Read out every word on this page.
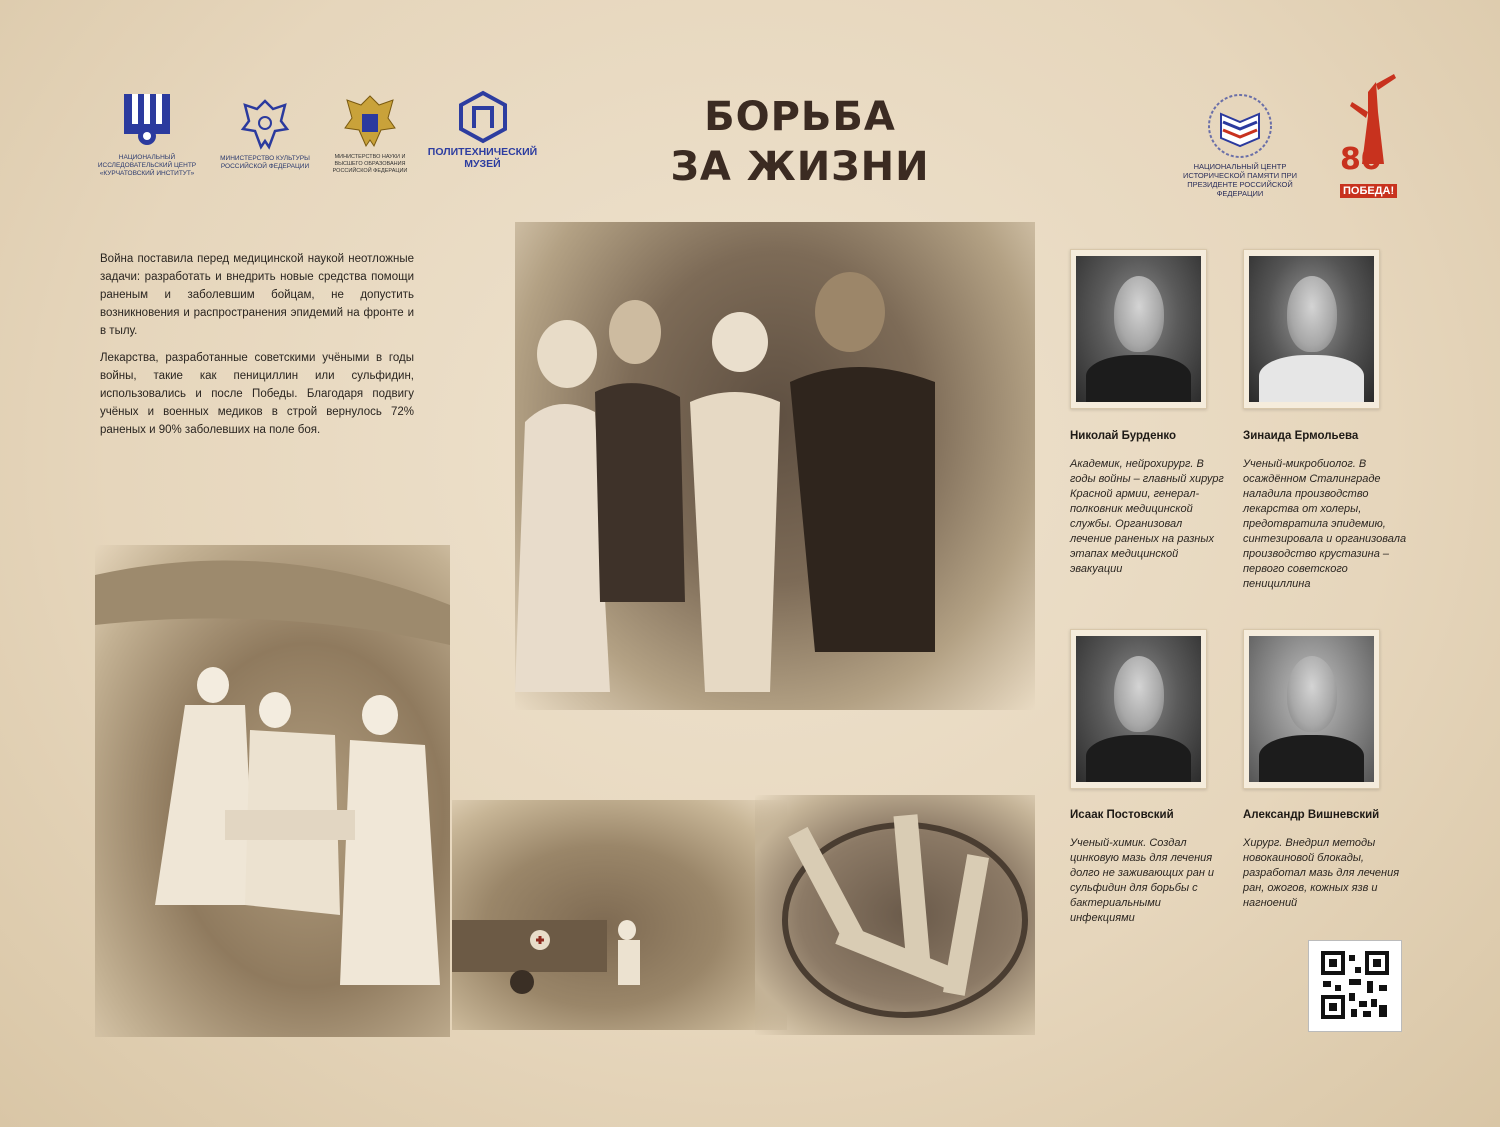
НАЦИОНАЛЬНЫЙ ИССЛЕДОВАТЕЛЬСКИЙ ЦЕНТР «КУРЧАТОВСКИЙ ИНСТИТУТ»
МИНИСТЕРСТВО КУЛЬТУРЫ РОССИЙСКОЙ ФЕДЕРАЦИИ
МИНИСТЕРСТВО НАУКИ И ВЫСШЕГО ОБРАЗОВАНИЯ РОССИЙСКОЙ ФЕДЕРАЦИИ
ПОЛИТЕХНИЧЕСКИЙ
МУЗЕЙ
БОРЬБА
ЗА ЖИЗНИ	НАЦИОНАЛЬНЫЙ ЦЕНТР ИСТОРИЧЕСКОЙ ПАМЯТИ ПРИ ПРЕЗИДЕНТЕ РОССИЙСКОЙ ФЕДЕРАЦИИ
80
ПОБЕДА!

Война поставила перед медицинской наукой неотложные задачи: разработать и внедрить новые средства помощи раненым и заболевшим бойцам, не допустить возникновения и распространения эпидемий на фронте и в тылу.

Лекарства, разработанные советскими учёными в годы войны, такие как пенициллин или сульфидин, использовались и после Победы. Благодаря подвигу учёных и военных медиков в строй вернулось 72% раненых и 90% заболевших на поле боя.	Николай Бурденко
Академик, нейрохирург. В годы войны – главный хирург Красной армии, генерал-полковник медицинской службы. Организовал лечение раненых на разных этапах медицинской эвакуации
Зинаида Ермольева
Ученый-микробиолог. В осаждённом Сталинграде наладила производство лекарства от холеры, предотвратила эпидемию, синтезировала и организовала производство крустазина – первого советского пенициллина
Исаак Постовский
Ученый-химик. Создал цинковую мазь для лечения долго не заживающих ран и сульфидин для борьбы с бактериальными инфекциями
Александр Вишневский
Хирург. Внедрил методы новокаиновой блокады, разработал мазь для лечения ран, ожогов, кожных язв и нагноений
